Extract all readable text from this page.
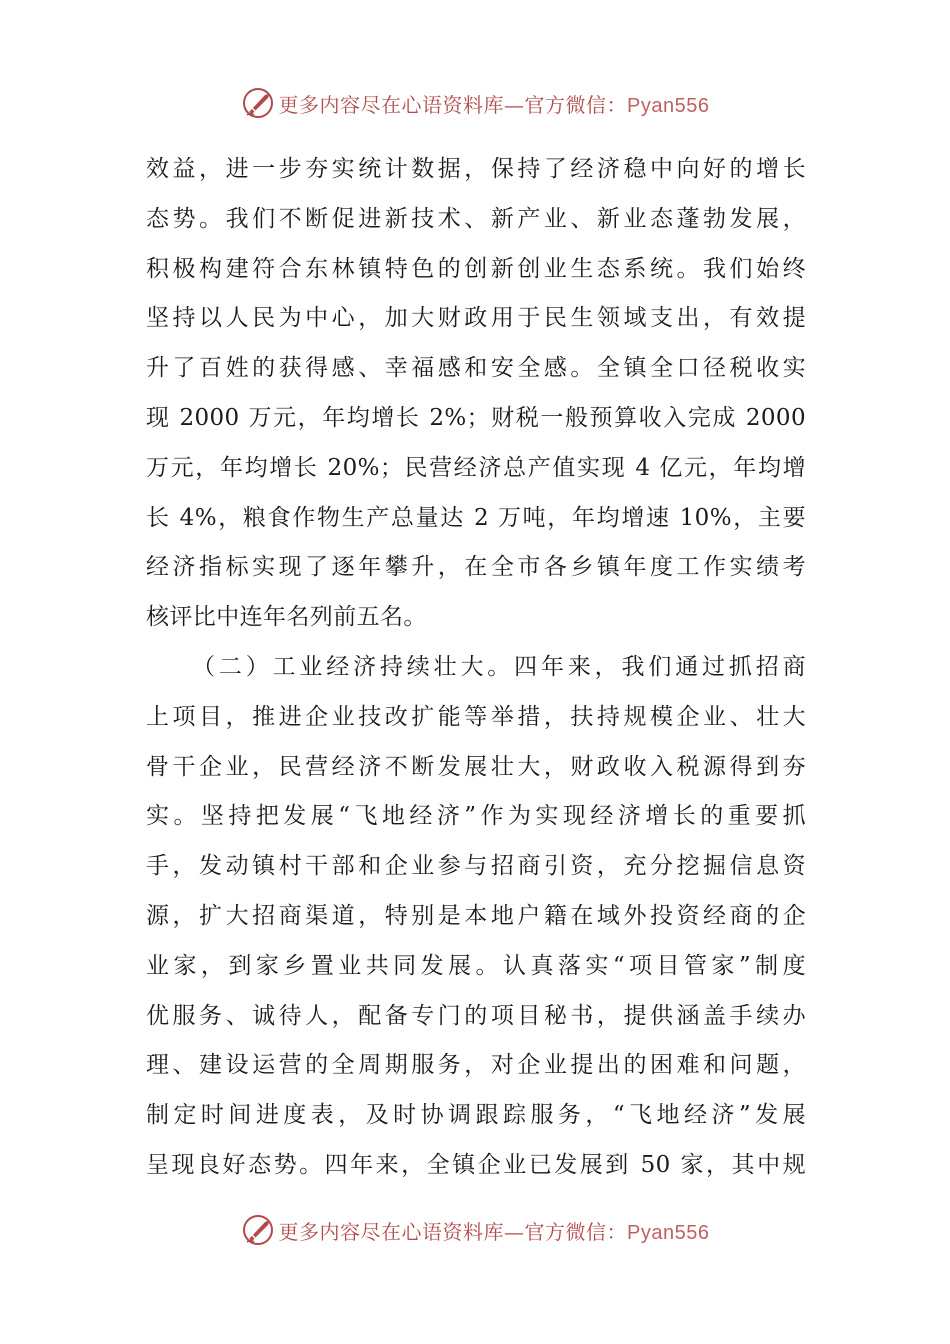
更多内容尽在心语资料库—官方微信：Pyan556
效益，进一步夯实统计数据，保持了经济稳中向好的增长
态势。我们不断促进新技术、新产业、新业态蓬勃发展，
积极构建符合东林镇特色的创新创业生态系统。我们始终
坚持以人民为中心，加大财政用于民生领域支出，有效提
升了百姓的获得感、幸福感和安全感。全镇全口径税收实
现 2000 万元，年均增长 2%；财税一般预算收入完成 2000
万元，年均增长 20%；民营经济总产值实现 4 亿元，年均增
长 4%，粮食作物生产总量达 2 万吨，年均增速 10%，主要
经济指标实现了逐年攀升，在全市各乡镇年度工作实绩考
核评比中连年名列前五名。
（二）工业经济持续壮大。四年来，我们通过抓招商
上项目，推进企业技改扩能等举措，扶持规模企业、壮大
骨干企业，民营经济不断发展壮大，财政收入税源得到夯
实。坚持把发展“飞地经济”作为实现经济增长的重要抓
手，发动镇村干部和企业参与招商引资，充分挖掘信息资
源，扩大招商渠道，特别是本地户籍在域外投资经商的企
业家，到家乡置业共同发展。认真落实“项目管家”制度
优服务、诚待人，配备专门的项目秘书，提供涵盖手续办
理、建设运营的全周期服务，对企业提出的困难和问题，
制定时间进度表，及时协调跟踪服务，“飞地经济”发展
呈现良好态势。四年来，全镇企业已发展到 50 家，其中规
更多内容尽在心语资料库—官方微信：Pyan556
